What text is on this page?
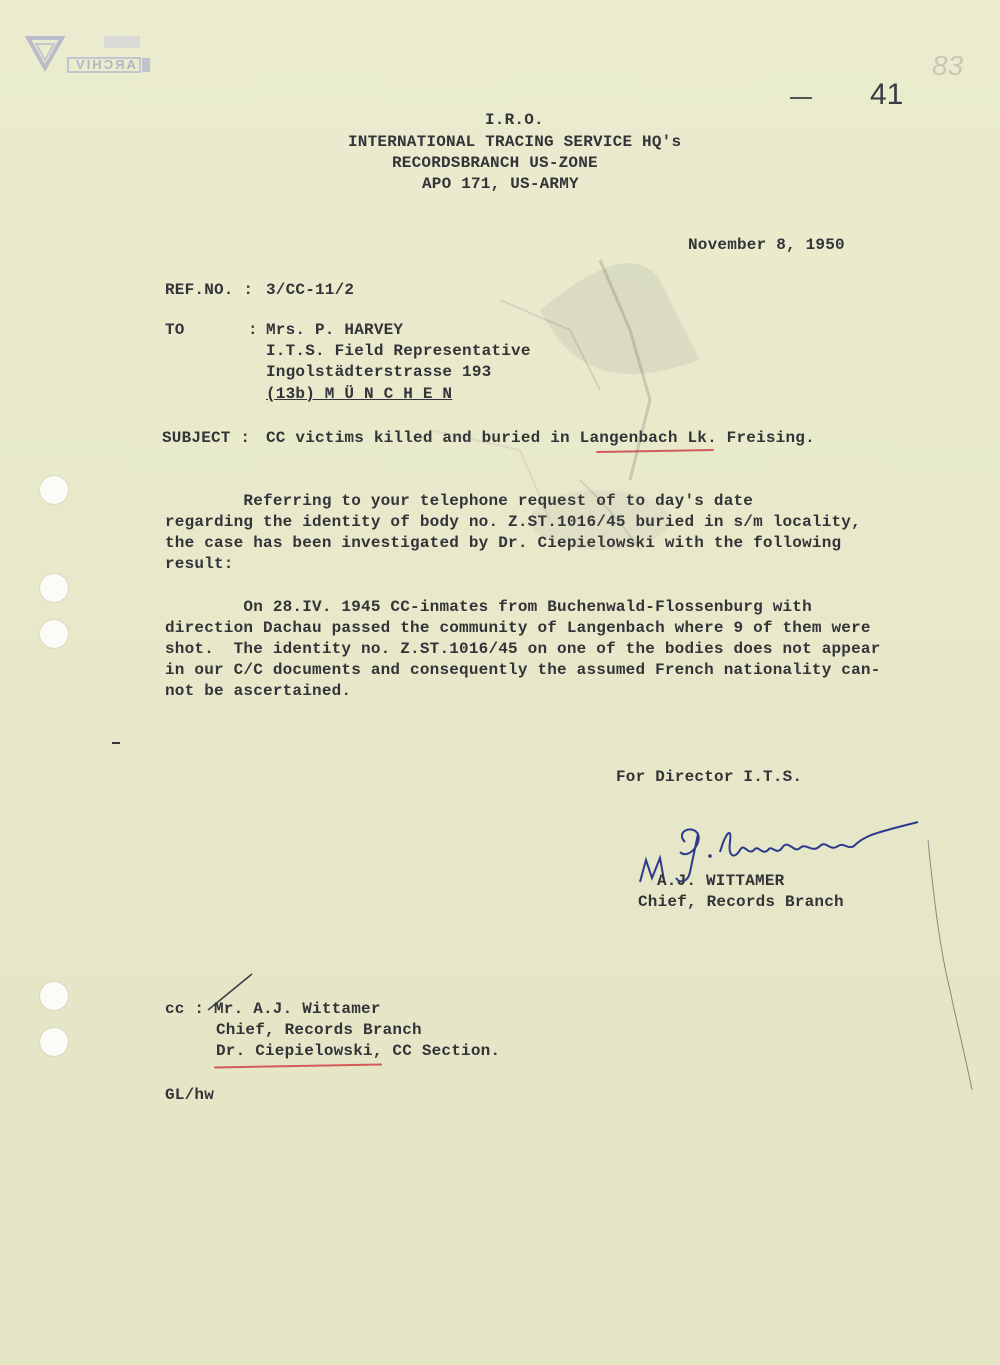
ARCHIV	83
41
I.R.O.
INTERNATIONAL TRACING SERVICE HQ's
RECORDSBRANCH US-ZONE
APO 171, US-ARMY
November 8, 1950
REF.NO. : 3/CC-11/2
TO	: Mrs. P. HARVEY
I.T.S. Field Representative
Ingolstädterstrasse 193
(13b) M Ü N C H E N
SUBJECT : CC victims killed and buried in Langenbach Lk. Freising.
Referring to your telephone request of to day's date
regarding the identity of body no. Z.ST.1016/45 buried in s/m locality,
the case has been investigated by Dr. Ciepielowski with the following
result:
On 28.IV. 1945 CC-inmates from Buchenwald-Flossenburg with
direction Dachau passed the community of Langenbach where 9 of them were
shot.  The identity no. Z.ST.1016/45 on one of the bodies does not appear
in our C/C documents and consequently the assumed French nationality can-
not be ascertained.
For Director I.T.S.
A.J. WITTAMER
Chief, Records Branch
cc : Mr. A.J. Wittamer
Chief, Records Branch
Dr. Ciepielowski, CC Section.
GL/hw
